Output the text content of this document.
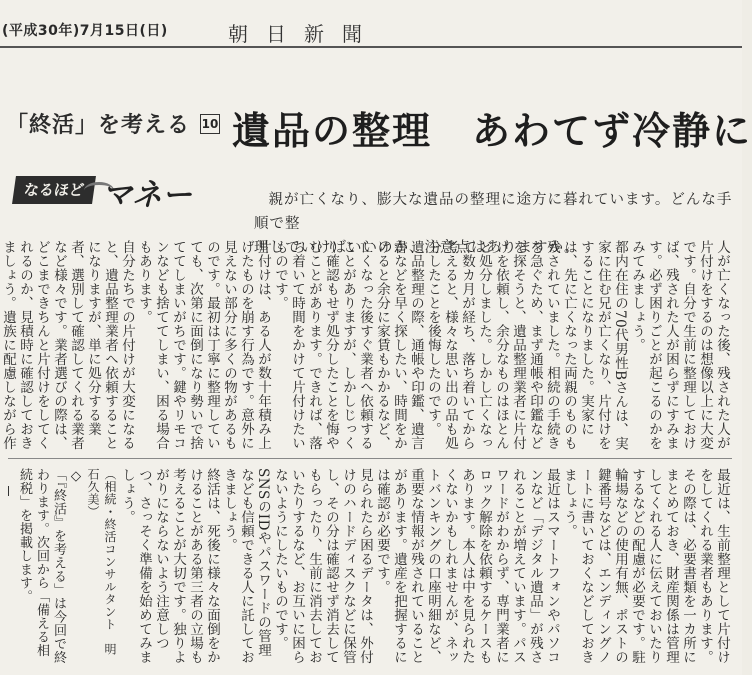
(平成30年)7月15日(日)	朝日新聞
「終活」を考える 10 遺品の整理　あわてず冷静に
なるほど マネー	親が亡くなり、膨大な遺品の整理に途方に暮れています。どんな手順で整

理していけばいいのか、注意点はありますか。	人が亡くなった後、残された人が片付けをするのは想像以上に大変です。自分で生前に整理しておけば、残された人が困らずにすみます。必ず困りごとが起こるのかをみてみましょう。

都内在住の70代男性Bさんは、実家に住む兄が亡くなり、片付けをすることになりました。実家には、先に亡くなった両親のものも残されていました。相続の手続きを急ぐため、まず通帳や印鑑などを探そうと、遺品整理業者に片付けを依頼し、余分なものはほとんど処分しました。しかし亡くなって数カ月が経ち、落ち着いてから考えると、様々な思い出の品も処分したことを後悔したのです。

遺品整理の際、通帳や印鑑、遺言書などを早く探したい、時間をかけると余分に家賃もかかるなど、亡くなった後すぐ業者へ依頼することがありますが、しかしじっくり確認もせず処分したことを悔やむことがあります。できれば、落ち着いて時間をかけて片付けたいものです。

片付けは、ある人が数十年積み上げたものを崩す行為です。意外に見えない部分に多くの物があるものです。最初は丁寧に整理していても、次第に面倒になり勢いで捨ててしまいがちです。鍵やリモコンなども捨ててしまい、困る場合もあります。

自分たちでの片付けが大変になると、遺品整理業者へ依頼することになりますが、単に処分する業者、選別して確認してくれる業者など様々です。業者選びの際は、どこまできちんと片付けをしてくれるのか、見積時に確認しておきましょう。遺族に配慮しながら作

最近は、生前整理として片付けをしてくれる業者もあります。その際は、必要書類を一カ所にまとめておき、財産関係は管理してくれる人に伝えておいたりするなどの配慮が必要です。駐輪場などの使用有無、ポストの鍵番号などは、エンディングノートに書いておくなどしておきましょう。

最近はスマートフォンやパソコンなど「デジタル遺品」が残されることが増えています。パスワードがわからず、専門業者にロック解除を依頼するケースもあります。本人は中を見られたくないかもしれませんが、ネットバンキングの口座明細など、重要な情報が残されていることがあります。遺産を把握するには確認が必要です。

見られたら困るデータは、外付けのハードディスクなどに保管し、その分は確認せず消去してもらったり、生前に消去しておいたりするなど、お互いに困らないようにしたいものです。SNSのIDやパスワードの管理なども信頼できる人に託しておきましょう。

終活は、死後に様々な面倒をかけることがある第三者の立場も考えることが大切です。独りよがりにならないよう注意しつつ、さっそく準備を始めてみましょう。

（相続・終活コンサルタント　明石久美）

◇

「『終活』を考える」は今回で終わります。次回から「備える相続税」を掲載します。
